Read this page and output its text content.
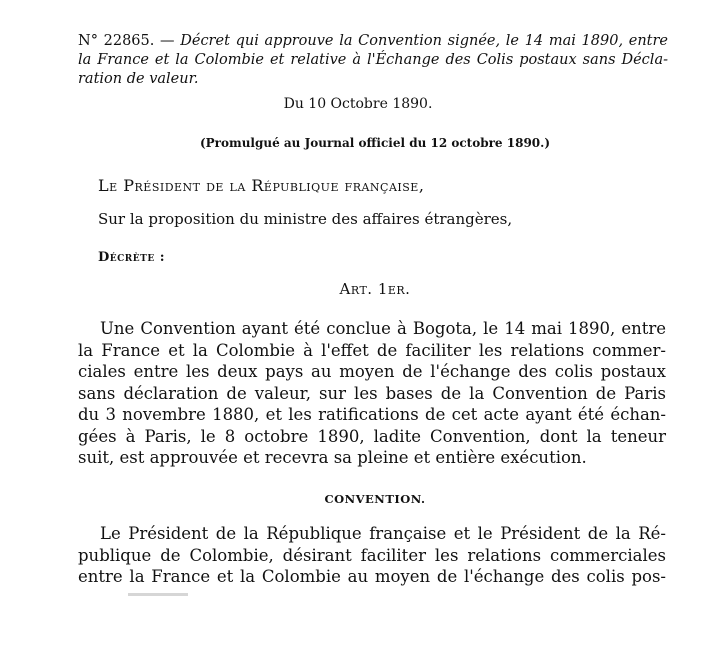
N° 22865. — Décret qui approuve la Convention signée, le 14 mai 1890, entre la France et la Colombie et relative à l'Échange des Colis postaux sans Décla- ration de valeur.
Du 10 Octobre 1890.
(Promulgué au Journal officiel du 12 octobre 1890.)
Le Président de la République française,
Sur la proposition du ministre des affaires étrangères,
Décrète :
Art. 1er.
Une Convention ayant été conclue à Bogota, le 14 mai 1890, entre
la France et la Colombie à l'effet de faciliter les relations commer-
ciales entre les deux pays au moyen de l'échange des colis postaux
sans déclaration de valeur, sur les bases de la Convention de Paris
du 3 novembre 1880, et les ratifications de cet acte ayant été échan-
gées à Paris, le 8 octobre 1890, ladite Convention, dont la teneur
suit, est approuvée et recevra sa pleine et entière exécution.
CONVENTION.
Le Président de la République française et le Président de la Ré-
publique de Colombie, désirant faciliter les relations commerciales
entre la France et la Colombie au moyen de l'échange des colis pos-
